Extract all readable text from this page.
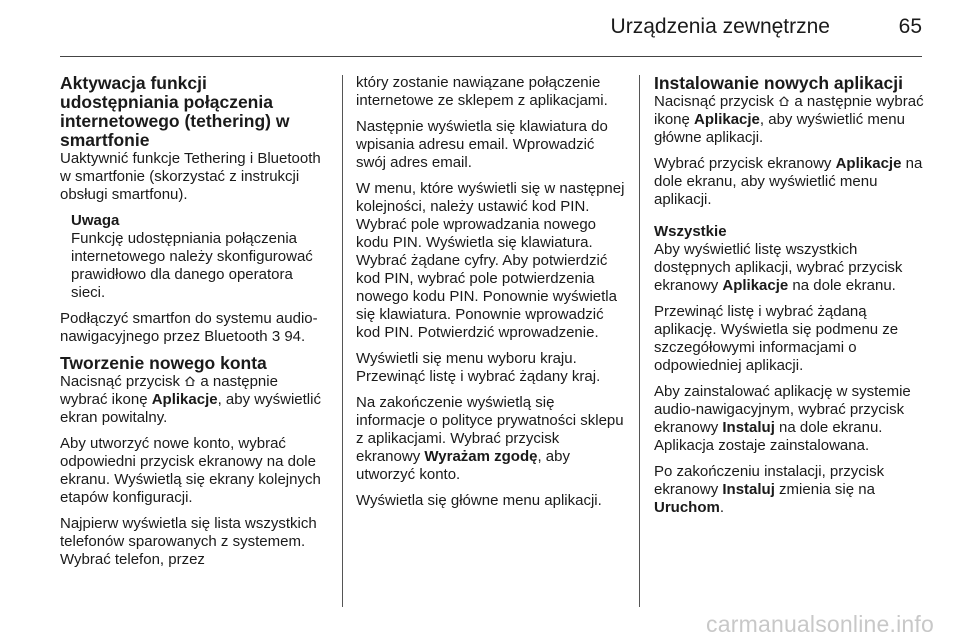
Urządzenia zewnętrzne	65
Aktywacja funkcji udostępniania połączenia internetowego (tethering) w smartfonie

Uaktywnić funkcje Tethering i Bluetooth w smartfonie (skorzystać z instrukcji obsługi smartfonu).

Uwaga
Funkcję udostępniania połączenia internetowego należy skonfigurować prawidłowo dla danego operatora sieci.

Podłączyć smartfon do systemu audio-nawigacyjnego przez Bluetooth 3 94.

Tworzenie nowego konta

Nacisnąć przycisk  a następnie wybrać ikonę Aplikacje, aby wyświetlić ekran powitalny.

Aby utworzyć nowe konto, wybrać odpowiedni przycisk ekranowy na dole ekranu. Wyświetlą się ekrany kolejnych etapów konfiguracji.

Najpierw wyświetla się lista wszystkich telefonów sparowanych z systemem. Wybrać telefon, przez

który zostanie nawiązane połączenie internetowe ze sklepem z aplikacjami.

Następnie wyświetla się klawiatura do wpisania adresu email. Wprowadzić swój adres email.

W menu, które wyświetli się w następnej kolejności, należy ustawić kod PIN. Wybrać pole wprowadzania nowego kodu PIN. Wyświetla się klawiatura. Wybrać żądane cyfry. Aby potwierdzić kod PIN, wybrać pole potwierdzenia nowego kodu PIN. Ponownie wyświetla się klawiatura. Ponownie wprowadzić kod PIN. Potwierdzić wprowadzenie.

Wyświetli się menu wyboru kraju. Przewinąć listę i wybrać żądany kraj.

Na zakończenie wyświetlą się informacje o polityce prywatności sklepu z aplikacjami. Wybrać przycisk ekranowy Wyrażam zgodę, aby utworzyć konto.

Wyświetla się główne menu aplikacji.

Instalowanie nowych aplikacji

Nacisnąć przycisk  a następnie wybrać ikonę Aplikacje, aby wyświetlić menu główne aplikacji.

Wybrać przycisk ekranowy Aplikacje na dole ekranu, aby wyświetlić menu aplikacji.

Wszystkie

Aby wyświetlić listę wszystkich dostępnych aplikacji, wybrać przycisk ekranowy Aplikacje na dole ekranu.

Przewinąć listę i wybrać żądaną aplikację. Wyświetla się podmenu ze szczegółowymi informacjami o odpowiedniej aplikacji.

Aby zainstalować aplikację w systemie audio-nawigacyjnym, wybrać przycisk ekranowy Instaluj na dole ekranu. Aplikacja zostaje zainstalowana.

Po zakończeniu instalacji, przycisk ekranowy Instaluj zmienia się na Uruchom.

carmanualsonline.info
